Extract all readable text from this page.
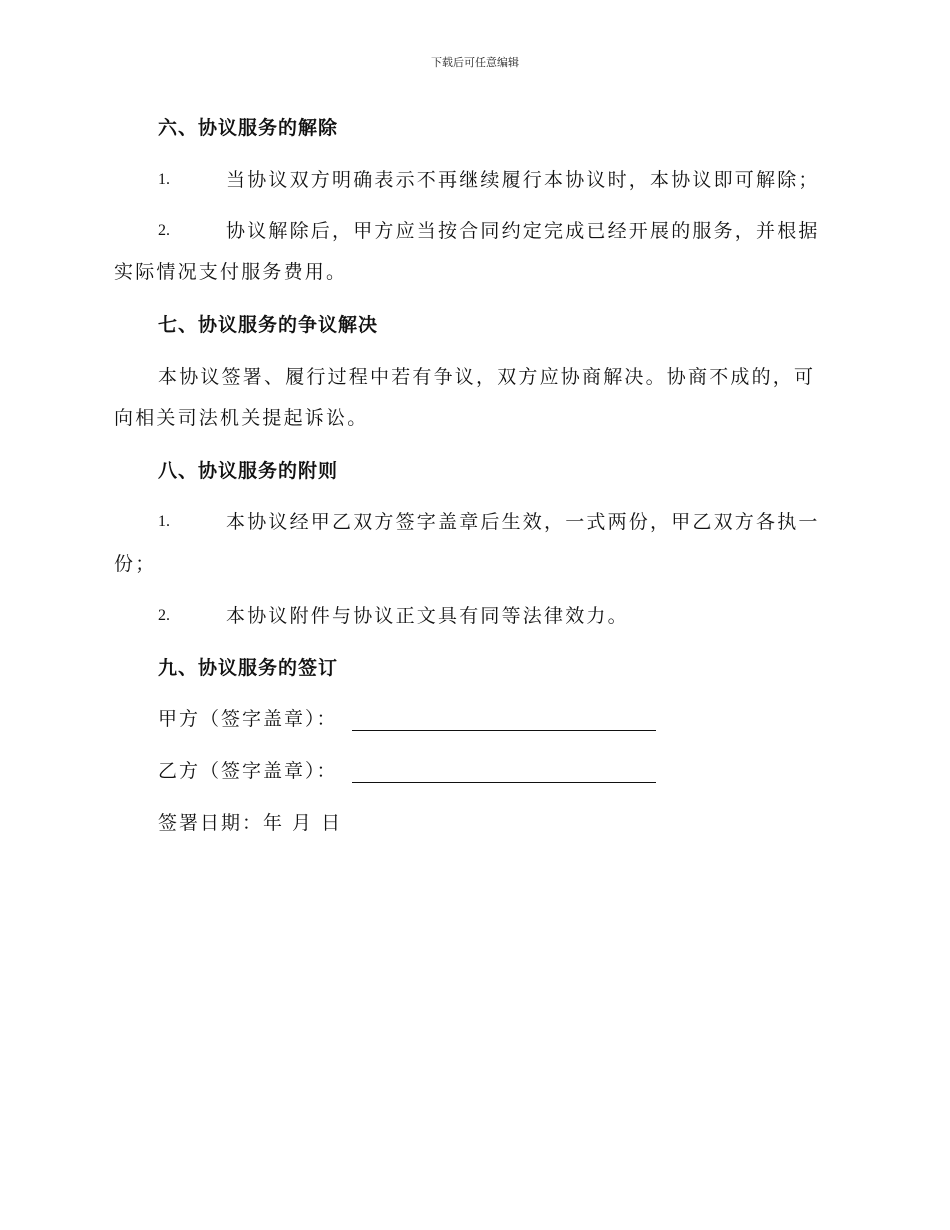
下载后可任意编辑
六、协议服务的解除
1.	当协议双方明确表示不再继续履行本协议时，本协议即可解除；
2.	协议解除后，甲方应当按合同约定完成已经开展的服务，并根据
实际情况支付服务费用。
七、协议服务的争议解决
本协议签署、履行过程中若有争议，双方应协商解决。协商不成的，可
向相关司法机关提起诉讼。
八、协议服务的附则
1.	本协议经甲乙双方签字盖章后生效，一式两份，甲乙双方各执一
份；
2.	本协议附件与协议正文具有同等法律效力。
九、协议服务的签订
甲方（签字盖章）：
乙方（签字盖章）：
签署日期：年 月 日
